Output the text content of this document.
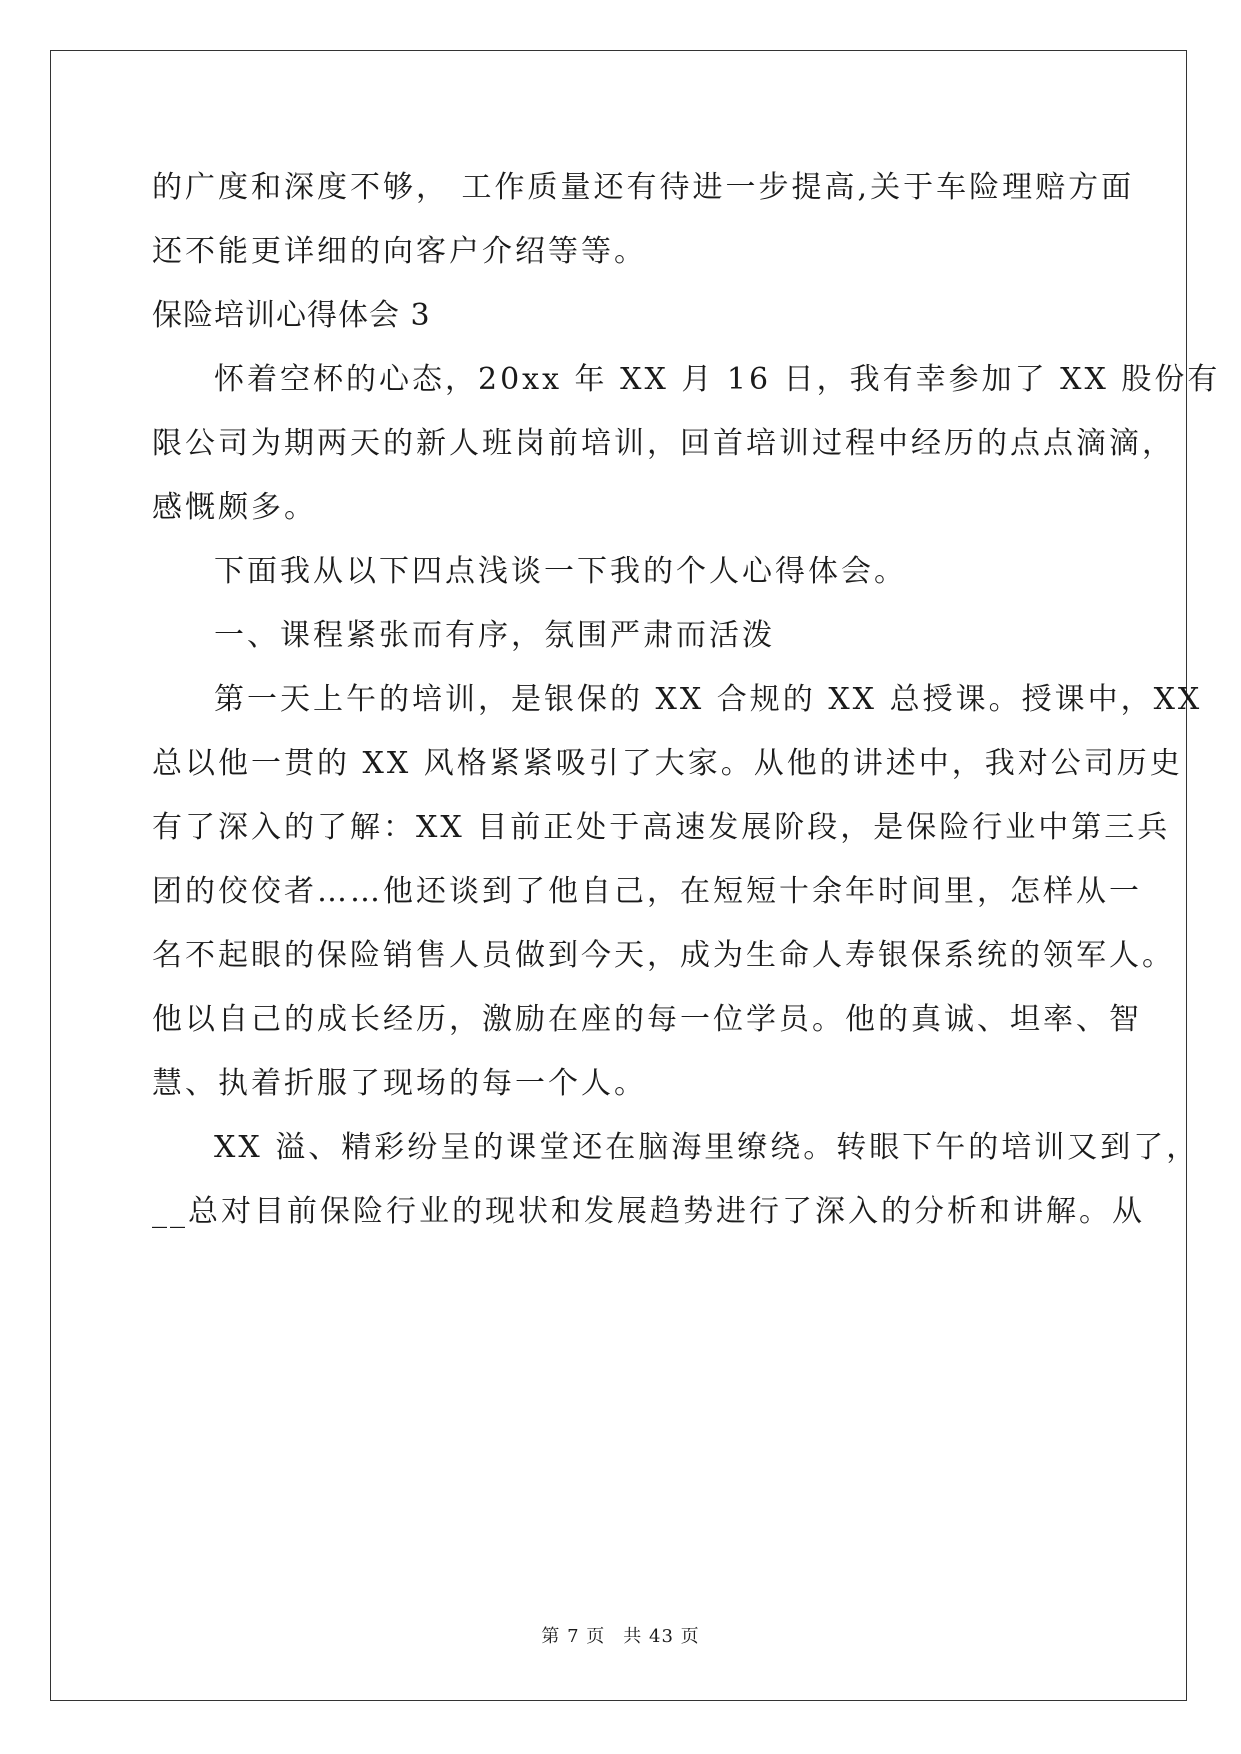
的广度和深度不够， 工作质量还有待进一步提高,关于车险理赔方面
还不能更详细的向客户介绍等等。
保险培训心得体会 3
怀着空杯的心态，20xx 年 XX 月 16 日，我有幸参加了 XX 股份有
限公司为期两天的新人班岗前培训，回首培训过程中经历的点点滴滴，
感慨颇多。
下面我从以下四点浅谈一下我的个人心得体会。
一、课程紧张而有序，氛围严肃而活泼
第一天上午的培训，是银保的 XX 合规的 XX 总授课。授课中，XX
总以他一贯的 XX 风格紧紧吸引了大家。从他的讲述中，我对公司历史
有了深入的了解：XX 目前正处于高速发展阶段，是保险行业中第三兵
团的佼佼者……他还谈到了他自己，在短短十余年时间里，怎样从一
名不起眼的保险销售人员做到今天，成为生命人寿银保系统的领军人。
他以自己的成长经历，激励在座的每一位学员。他的真诚、坦率、智
慧、执着折服了现场的每一个人。
XX 溢、精彩纷呈的课堂还在脑海里缭绕。转眼下午的培训又到了，
__总对目前保险行业的现状和发展趋势进行了深入的分析和讲解。从
第 7 页 共 43 页
